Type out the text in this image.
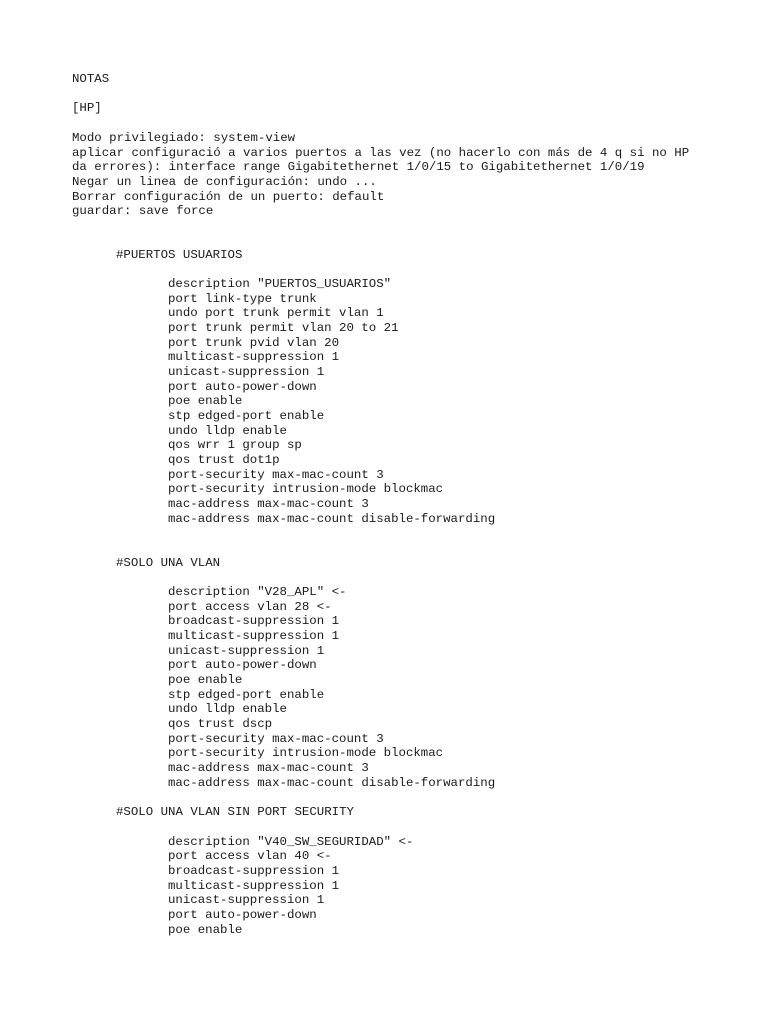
NOTAS
[HP]
Modo privilegiado: system-view
aplicar configuració a varios puertos a las vez (no hacerlo con más de 4 q si no HP
da errores): interface range Gigabitethernet 1/0/15 to Gigabitethernet 1/0/19
Negar un linea de configuración: undo ...
Borrar configuración de un puerto: default
guardar: save force
#PUERTOS USUARIOS
description "PUERTOS_USUARIOS"
port link-type trunk
undo port trunk permit vlan 1
port trunk permit vlan 20 to 21
port trunk pvid vlan 20
multicast-suppression 1
unicast-suppression 1
port auto-power-down
poe enable
stp edged-port enable
undo lldp enable
qos wrr 1 group sp
qos trust dot1p
port-security max-mac-count 3
port-security intrusion-mode blockmac
mac-address max-mac-count 3
mac-address max-mac-count disable-forwarding
#SOLO UNA VLAN
description "V28_APL" <-
port access vlan 28 <-
broadcast-suppression 1
multicast-suppression 1
unicast-suppression 1
port auto-power-down
poe enable
stp edged-port enable
undo lldp enable
qos trust dscp
port-security max-mac-count 3
port-security intrusion-mode blockmac
mac-address max-mac-count 3
mac-address max-mac-count disable-forwarding
#SOLO UNA VLAN SIN PORT SECURITY
description "V40_SW_SEGURIDAD" <-
port access vlan 40 <-
broadcast-suppression 1
multicast-suppression 1
unicast-suppression 1
port auto-power-down
poe enable
